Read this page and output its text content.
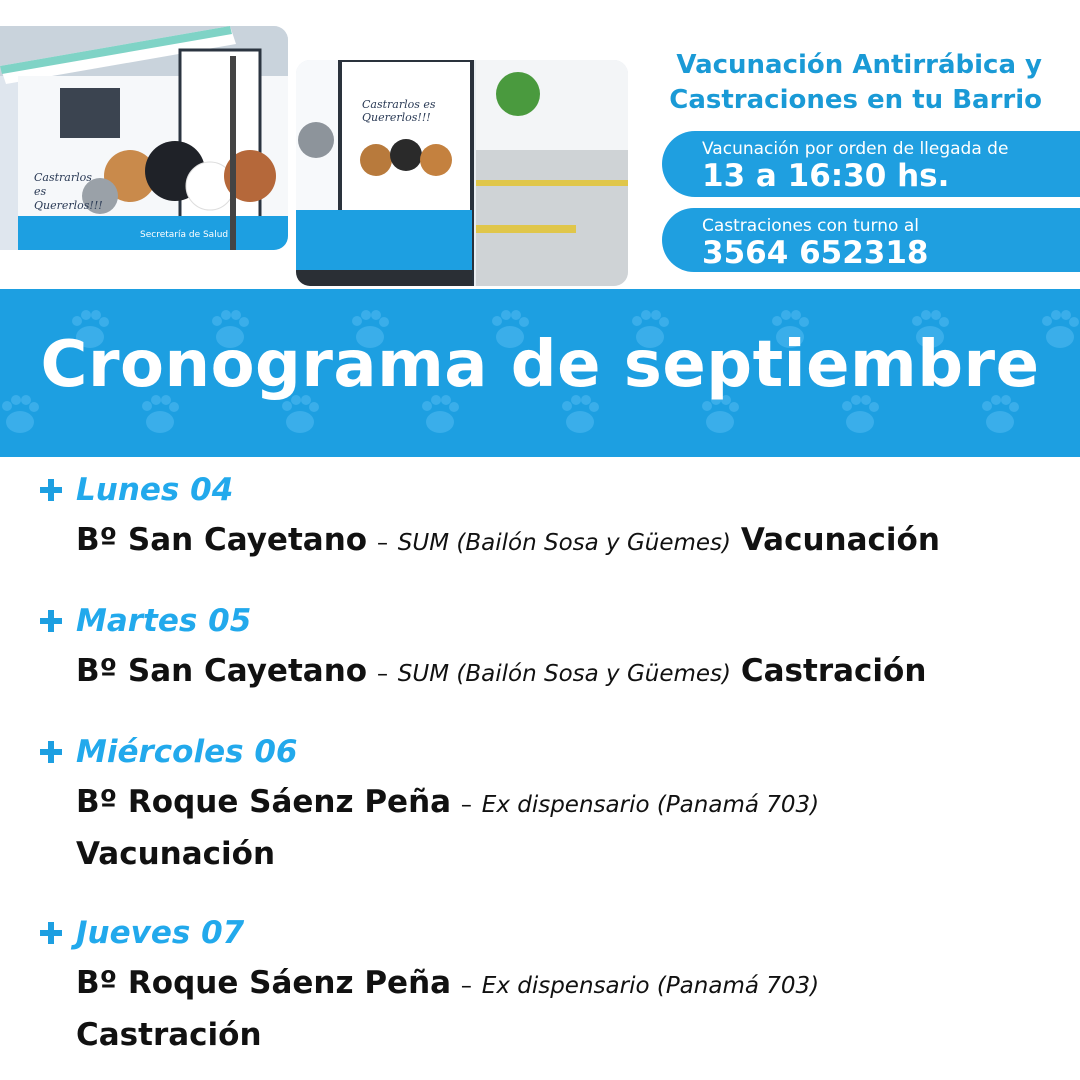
Castrarlos es Quererlos!!!
Secretaría de Salud
Castrarlos es Quererlos!!!
Vacunación Antirrábica y
Castraciones en tu Barrio
Vacunación por orden de llegada de
13 a 16:30 hs.
Castraciones con turno al
3564 652318
Cronograma de septiembre
Lunes 04
Bº San Cayetano – SUM (Bailón Sosa y Güemes) Vacunación
Martes 05
Bº San Cayetano – SUM (Bailón Sosa y Güemes) Castración
Miércoles 06
Bº Roque Sáenz Peña – Ex dispensario (Panamá 703)
Vacunación
Jueves 07
Bº Roque Sáenz Peña – Ex dispensario (Panamá 703)
Castración
